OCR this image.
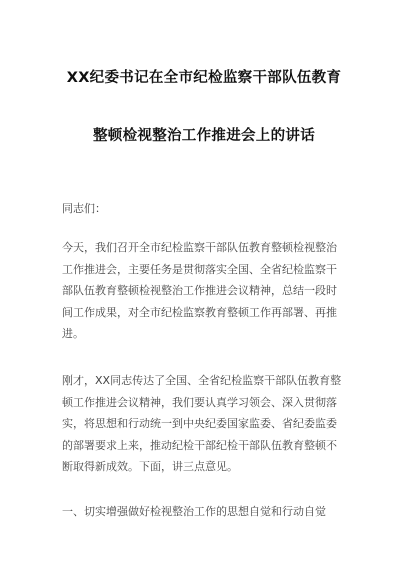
XX纪委书记在全市纪检监察干部队伍教育
整顿检视整治工作推进会上的讲话
同志们：
今天，我们召开全市纪检监察干部队伍教育整顿检视整治
工作推进会，主要任务是贯彻落实全国、全省纪检监察干
部队伍教育整顿检视整治工作推进会议精神，总结一段时
间工作成果，对全市纪检监察教育整顿工作再部署、再推
进。
刚才，XX同志传达了全国、全省纪检监察干部队伍教育整
顿工作推进会议精神，我们要认真学习领会、深入贯彻落
实，将思想和行动统一到中央纪委国家监委、省纪委监委
的部署要求上来，推动纪检干部纪检干部队伍教育整顿不
断取得新成效。下面，讲三点意见。
一、切实增强做好检视整治工作的思想自觉和行动自觉
